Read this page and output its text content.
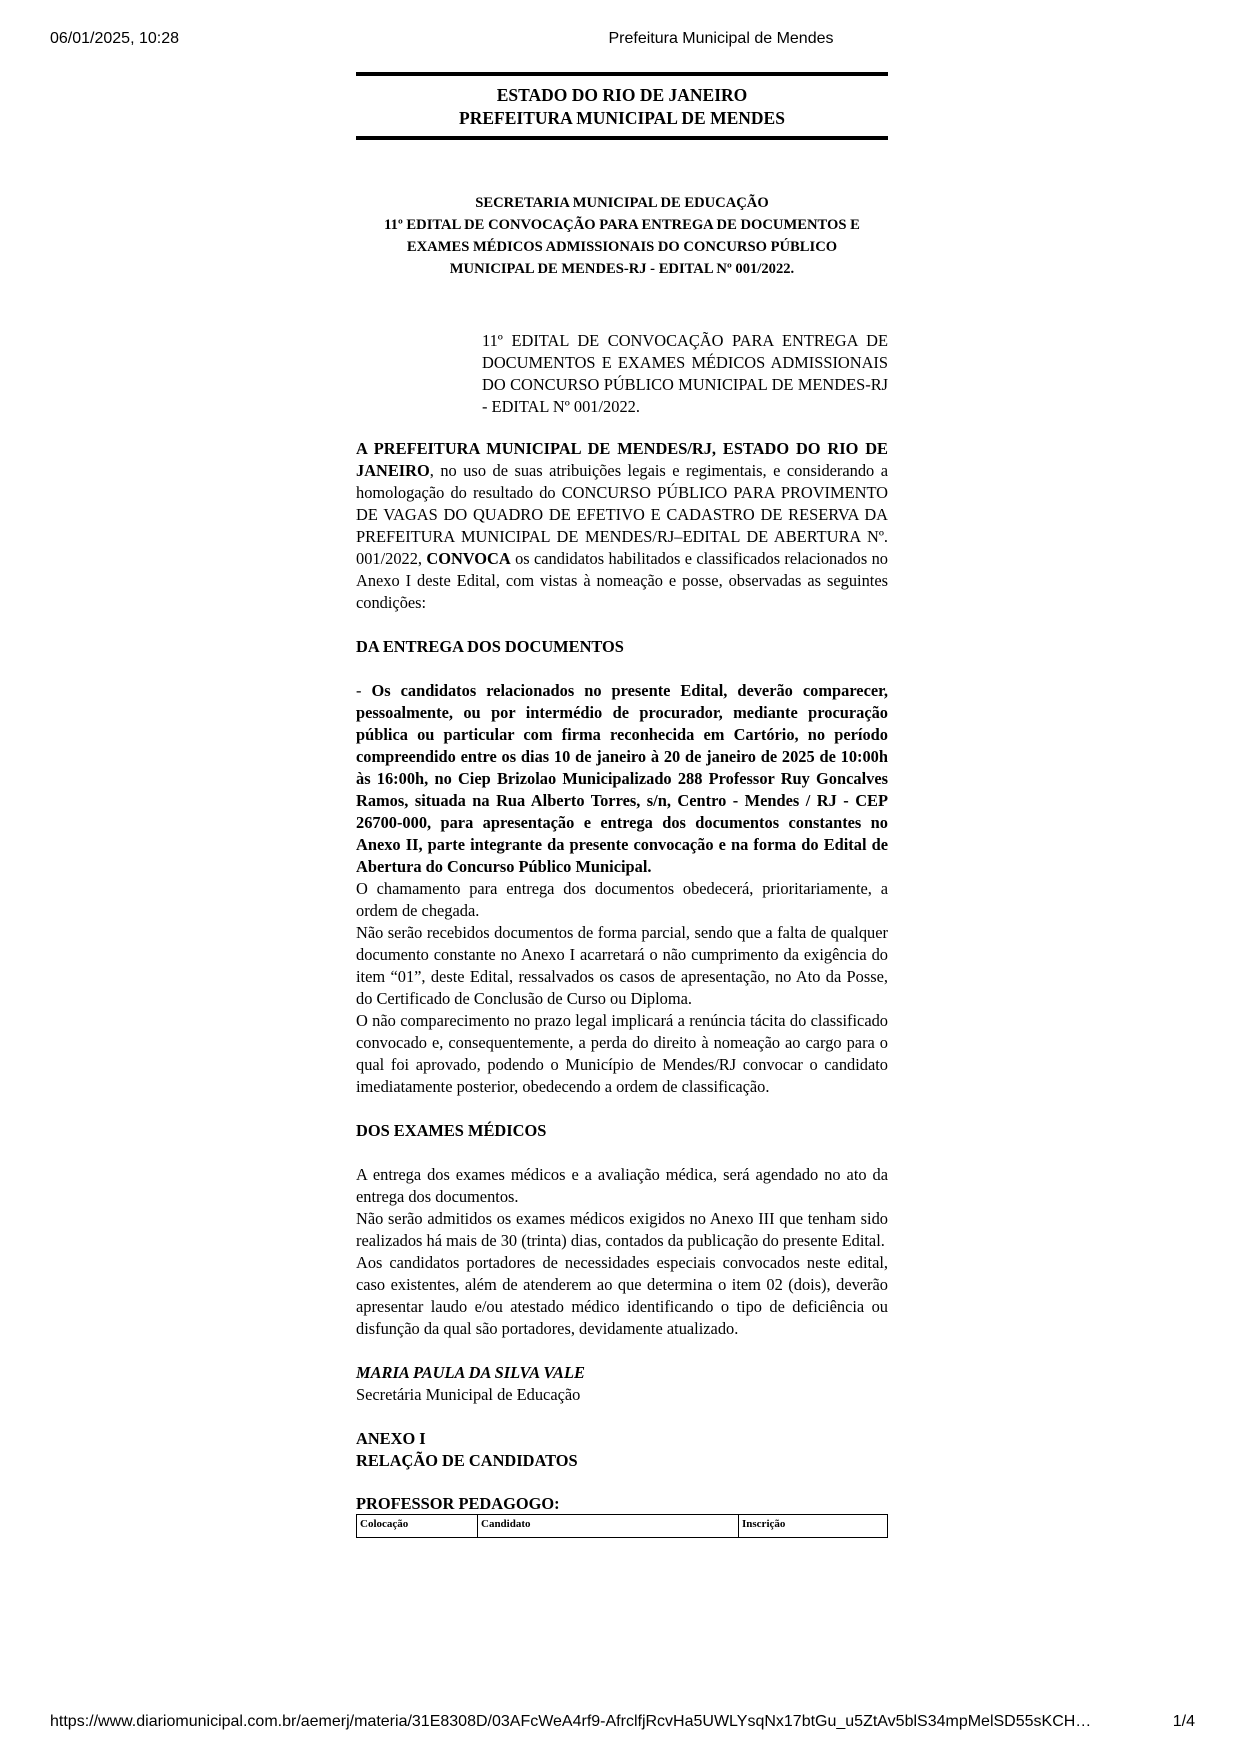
06/01/2025, 10:28	Prefeitura Municipal de Mendes
ESTADO DO RIO DE JANEIRO
PREFEITURA MUNICIPAL DE MENDES
SECRETARIA MUNICIPAL DE EDUCAÇÃO
11º EDITAL DE CONVOCAÇÃO PARA ENTREGA DE DOCUMENTOS E
EXAMES MÉDICOS ADMISSIONAIS DO CONCURSO PÚBLICO
MUNICIPAL DE MENDES-RJ - EDITAL Nº 001/2022.
11º EDITAL DE CONVOCAÇÃO PARA ENTREGA DE DOCUMENTOS E EXAMES MÉDICOS ADMISSIONAIS DO CONCURSO PÚBLICO MUNICIPAL DE MENDES-RJ - EDITAL Nº 001/2022.
A PREFEITURA MUNICIPAL DE MENDES/RJ, ESTADO DO RIO DE JANEIRO, no uso de suas atribuições legais e regimentais, e considerando a homologação do resultado do CONCURSO PÚBLICO PARA PROVIMENTO DE VAGAS DO QUADRO DE EFETIVO E CADASTRO DE RESERVA DA PREFEITURA MUNICIPAL DE MENDES/RJ–EDITAL DE ABERTURA Nº. 001/2022, CONVOCA os candidatos habilitados e classificados relacionados no Anexo I deste Edital, com vistas à nomeação e posse, observadas as seguintes condições:
DA ENTREGA DOS DOCUMENTOS
- Os candidatos relacionados no presente Edital, deverão comparecer, pessoalmente, ou por intermédio de procurador, mediante procuração pública ou particular com firma reconhecida em Cartório, no período compreendido entre os dias 10 de janeiro à 20 de janeiro de 2025 de 10:00h às 16:00h, no Ciep Brizolao Municipalizado 288 Professor Ruy Goncalves Ramos, situada na Rua Alberto Torres, s/n, Centro - Mendes / RJ - CEP 26700-000, para apresentação e entrega dos documentos constantes no Anexo II, parte integrante da presente convocação e na forma do Edital de Abertura do Concurso Público Municipal.
O chamamento para entrega dos documentos obedecerá, prioritariamente, a ordem de chegada.
Não serão recebidos documentos de forma parcial, sendo que a falta de qualquer documento constante no Anexo I acarretará o não cumprimento da exigência do item “01”, deste Edital, ressalvados os casos de apresentação, no Ato da Posse, do Certificado de Conclusão de Curso ou Diploma.
O não comparecimento no prazo legal implicará a renúncia tácita do classificado convocado e, consequentemente, a perda do direito à nomeação ao cargo para o qual foi aprovado, podendo o Município de Mendes/RJ convocar o candidato imediatamente posterior, obedecendo a ordem de classificação.
DOS EXAMES MÉDICOS
A entrega dos exames médicos e a avaliação médica, será agendado no ato da entrega dos documentos.
Não serão admitidos os exames médicos exigidos no Anexo III que tenham sido realizados há mais de 30 (trinta) dias, contados da publicação do presente Edital.
Aos candidatos portadores de necessidades especiais convocados neste edital, caso existentes, além de atenderem ao que determina o item 02 (dois), deverão apresentar laudo e/ou atestado médico identificando o tipo de deficiência ou disfunção da qual são portadores, devidamente atualizado.
MARIA PAULA DA SILVA VALE
Secretária Municipal de Educação
ANEXO I
RELAÇÃO DE CANDIDATOS
PROFESSOR PEDAGOGO:
Colocação	Candidato	Inscrição
https://www.diariomunicipal.com.br/aemerj/materia/31E8308D/03AFcWeA4rf9-AfrclfjRcvHa5UWLYsqNx17btGu_u5ZtAv5blS34mpMelSD55sKCH…	1/4
